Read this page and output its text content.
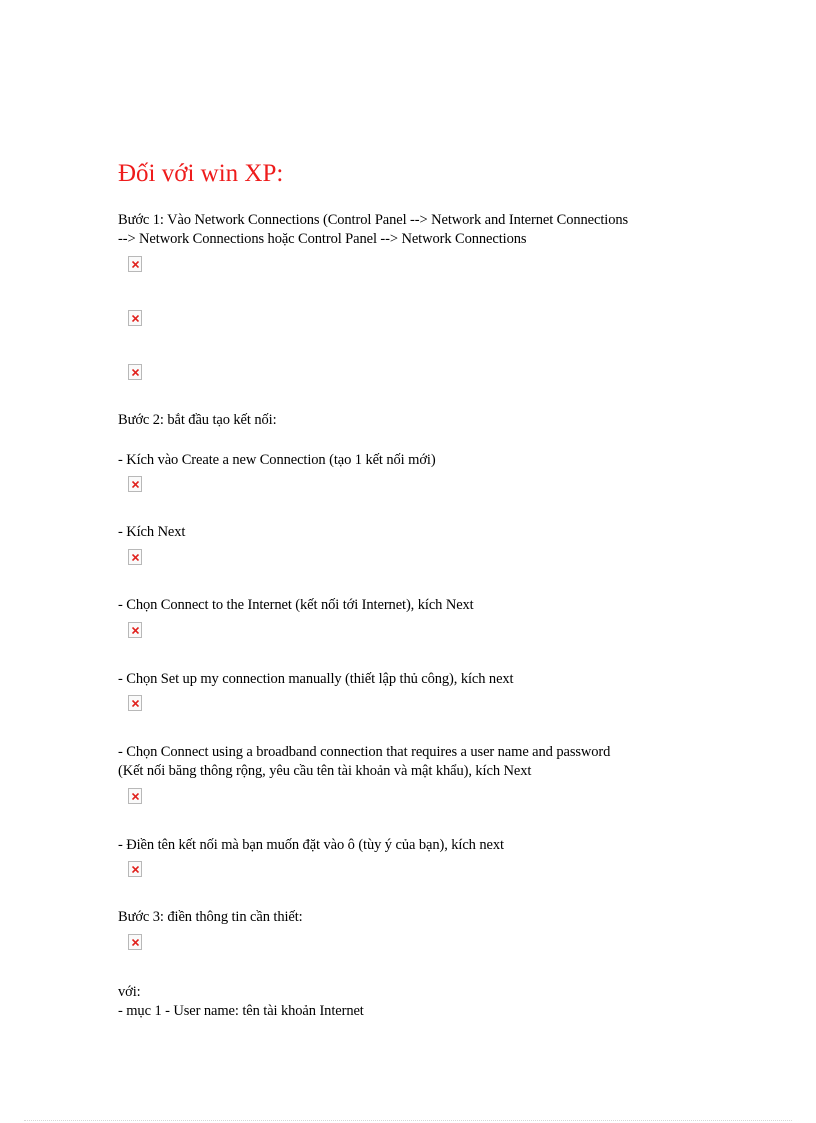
Đối với win XP:
Bước 1: Vào Network Connections (Control Panel --> Network and Internet Connections
--> Network Connections hoặc Control Panel --> Network Connections
Bước 2: bắt đầu tạo kết nối:
- Kích vào Create a new Connection (tạo 1 kết nối mới)
- Kích Next
- Chọn Connect to the Internet (kết nối tới Internet), kích Next
- Chọn Set up my connection manually (thiết lập thủ công), kích next
- Chọn Connect using a broadband connection that requires a user name and password
(Kết nối băng thông rộng, yêu cầu tên tài khoản và mật khẩu), kích Next
- Điền tên kết nối mà bạn muốn đặt vào ô (tùy ý của bạn), kích next
Bước 3: điền thông tin cần thiết:
với:
- mục 1 - User name: tên tài khoản Internet
